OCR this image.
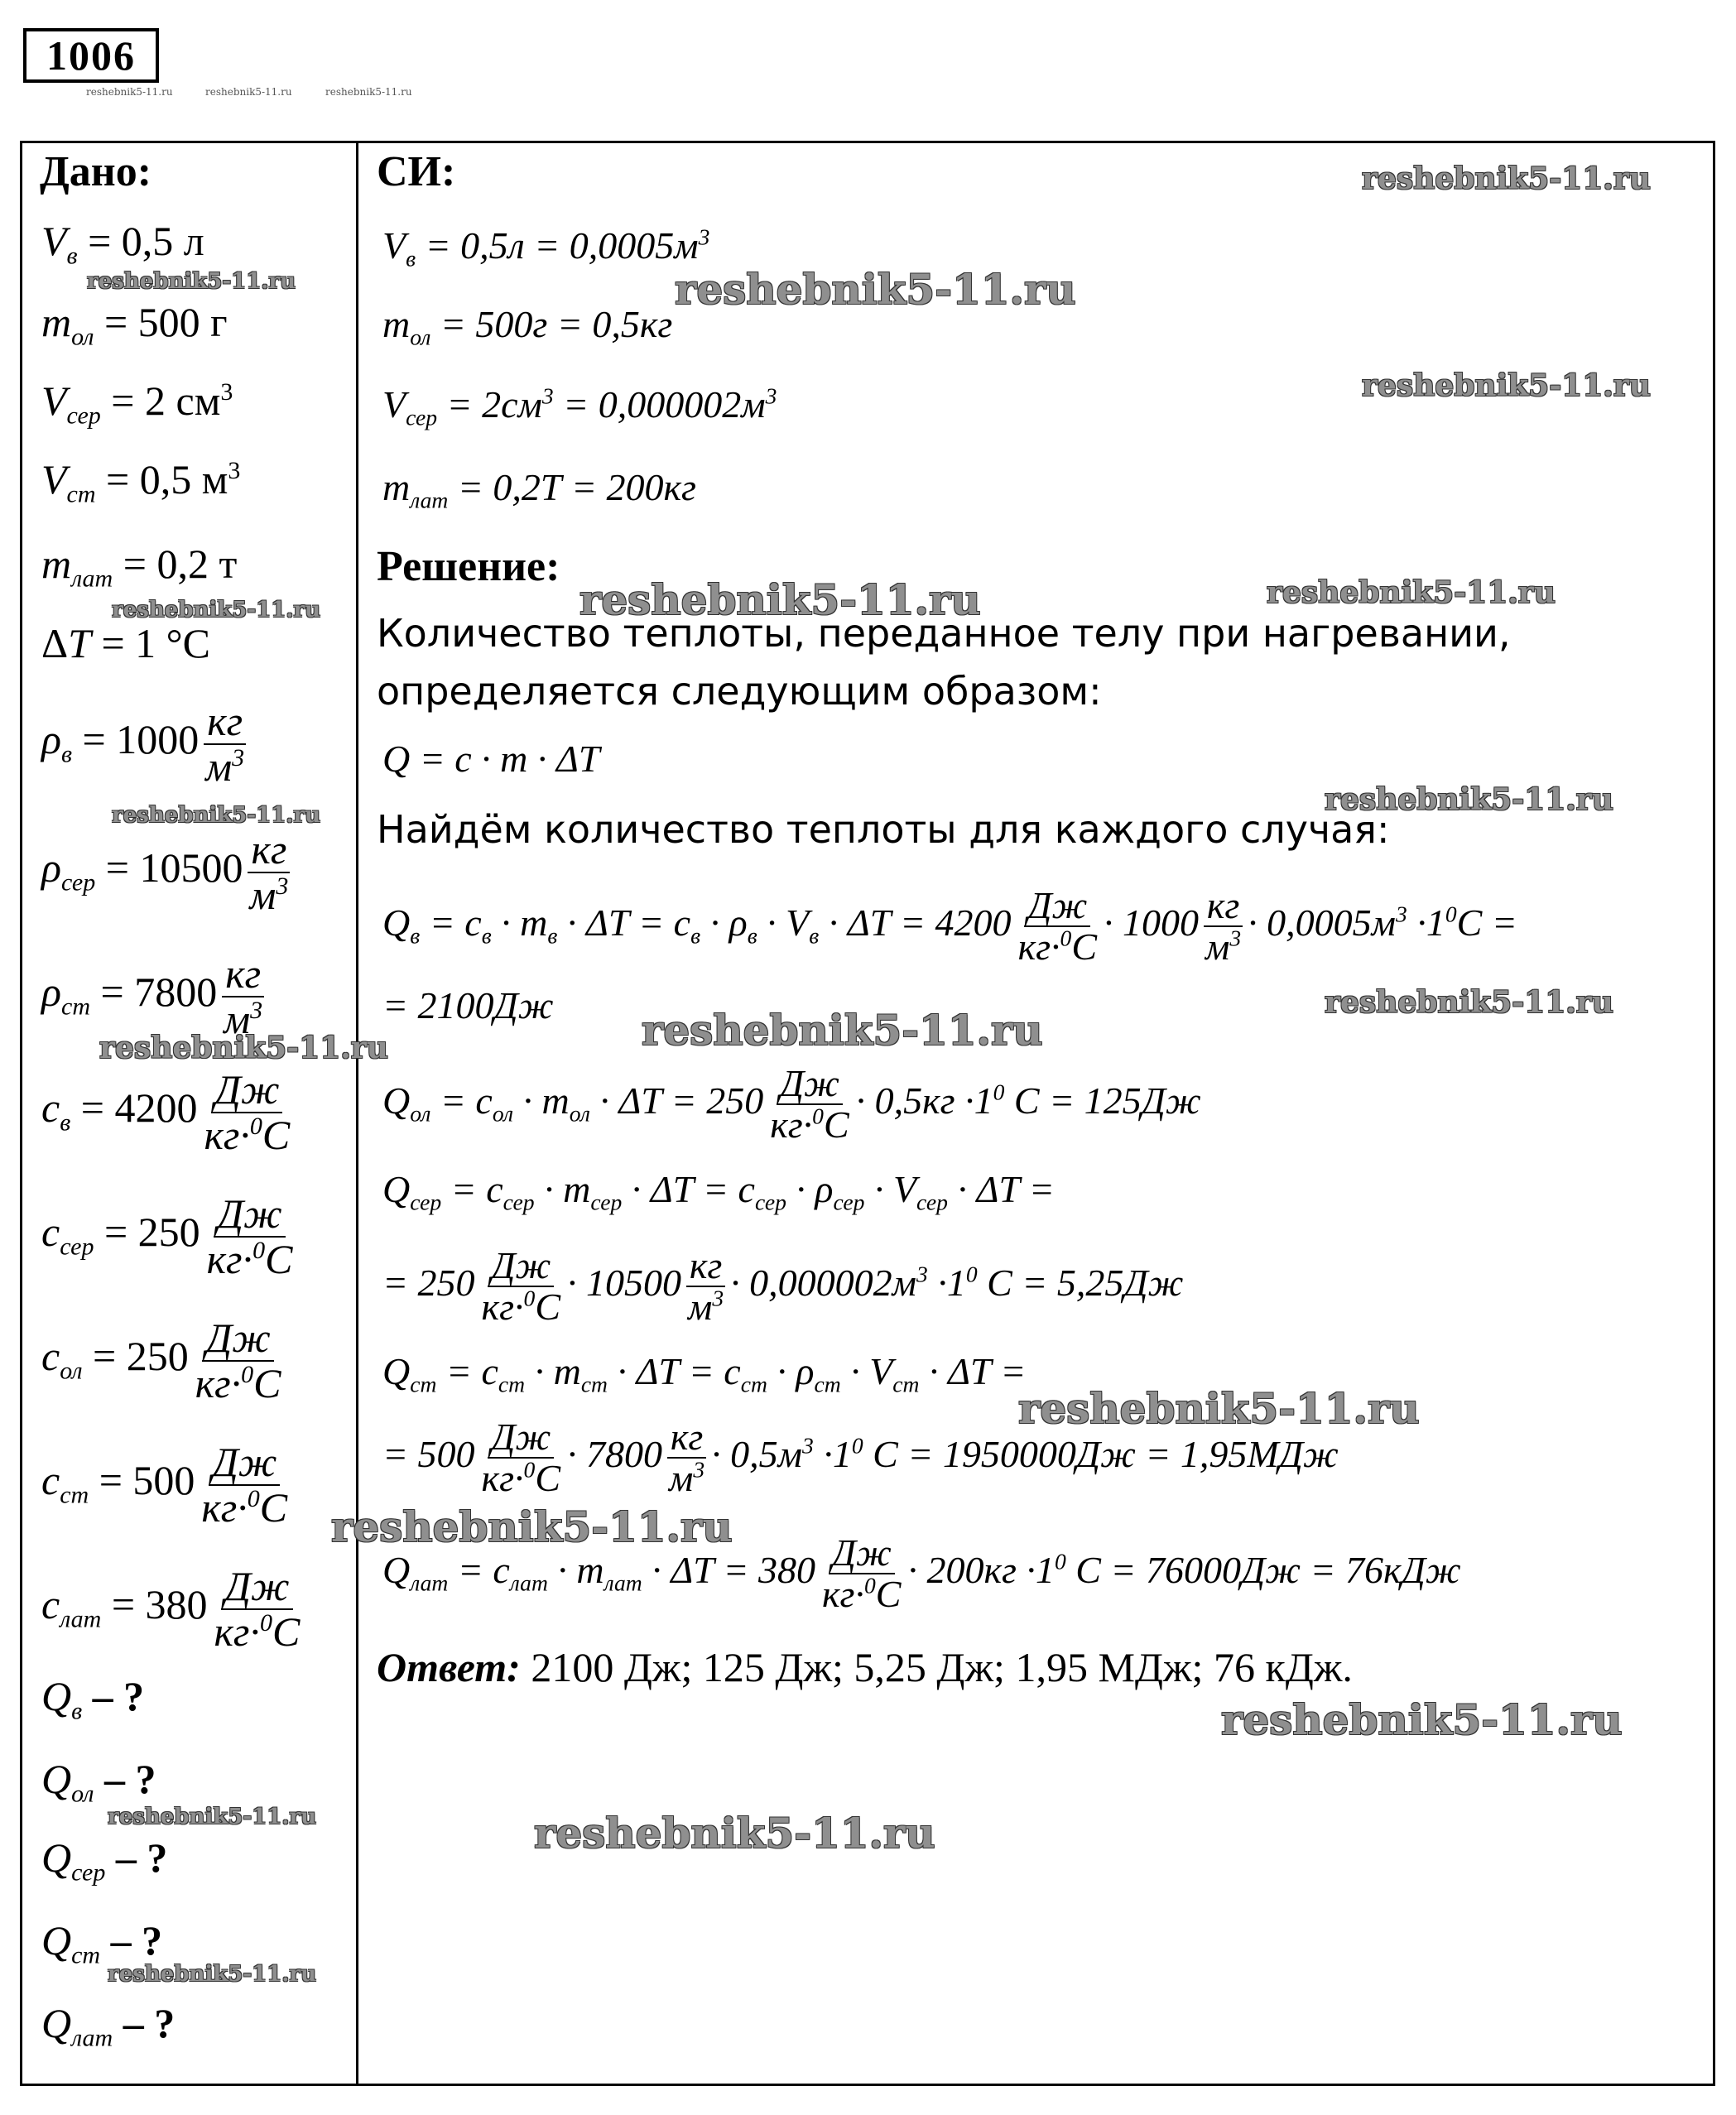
1006
reshebnik5-11.ru	reshebnik5-11.ru	reshebnik5-11.ru
Дано:
$V_в = 0,5$ л
$m_{ол} = 500$ г
$V_{сер} = 2$ $см^3$
$V_{ст} = 0,5$ $м^3$
$m_{лат} = 0,2$ т
ΔT = 1 °C
$\rho_в = 1000 \frac{кг}{м^3}$
$\rho_{сер} = 10500 \frac{кг}{м^3}$
$\rho_{ст} = 7800 \frac{кг}{м^3}$
$c_в = 4200 \frac{Дж}{кг\cdot^0C}$
$c_{сер} = 250 \frac{Дж}{кг\cdot^0C}$
$c_{ол} = 250 \frac{Дж}{кг\cdot^0C}$
$c_{ст} = 500 \frac{Дж}{кг\cdot^0C}$
$c_{лат} = 380 \frac{Дж}{кг\cdot^0C}$
$Q_в$ – ?
$Q_{ол}$ – ?
$Q_{сер}$ – ?
$Q_{ст}$ – ?
$Q_{лат}$ – ?
СИ:
$V_в = 0,5л = 0,0005м^3$
$m_{ол} = 500г = 0,5кг$
$V_{сер} = 2см^3 = 0,000002м^3$
$m_{лат} = 0,2Т = 200кг$
Решение:
Количество теплоты, переданное телу при нагревании,
определяется следующим образом:
Q = c · m · ΔT
Найдём количество теплоты для каждого случая:
$Q_в = c_в \cdot m_в \cdot \Delta T = c_в \cdot \rho_в \cdot V_в \cdot \Delta T = 4200 \frac{Дж}{кг\cdot^0C} \cdot 1000 \frac{кг}{м^3} \cdot 0,0005м^3 \cdot 1^0C$ =
= 2100Дж
$Q_{ол} = c_{ол} \cdot m_{ол} \cdot \Delta T = 250 \frac{Дж}{кг\cdot^0C} \cdot 0,5кг \cdot 1^0$ C = 125Дж
$Q_{сер} = c_{сер} \cdot m_{сер} \cdot \Delta T = c_{сер} \cdot \rho_{сер} \cdot V_{сер} \cdot \Delta T$ =
= $250 \frac{Дж}{кг\cdot^0C} \cdot 10500 \frac{кг}{м^3} \cdot 0,000002м^3 \cdot 1^0$ C = 5,25Дж
$Q_{ст} = c_{ст} \cdot m_{ст} \cdot \Delta T = c_{ст} \cdot \rho_{ст} \cdot V_{ст} \cdot \Delta T$ =
= $500 \frac{Дж}{кг\cdot^0C} \cdot 7800 \frac{кг}{м^3} \cdot 0,5м^3 \cdot 1^0$ C = 1950000Дж = 1,95МДж
$Q_{лат} = c_{лат} \cdot m_{лат} \cdot \Delta T = 380 \frac{Дж}{кг\cdot^0C} \cdot 200кг \cdot 1^0$ C = 76000Дж = 76кДж
Ответ: 2100 Дж; 125 Дж; 5,25 Дж; 1,95 МДж; 76 кДж.
reshebnik5-11.ru
reshebnik5-11.ru
reshebnik5-11.ru
reshebnik5-11.ru
reshebnik5-11.ru	reshebnik5-11.ru
reshebnik5-11.ru
reshebnik5-11.ru
reshebnik5-11.ru
reshebnik5-11.ru
reshebnik5-11.ru
reshebnik5-11.ru
reshebnik5-11.ru
reshebnik5-11.ru
reshebnik5-11.ru
reshebnik5-11.ru	reshebnik5-11.ru
reshebnik5-11.ru
